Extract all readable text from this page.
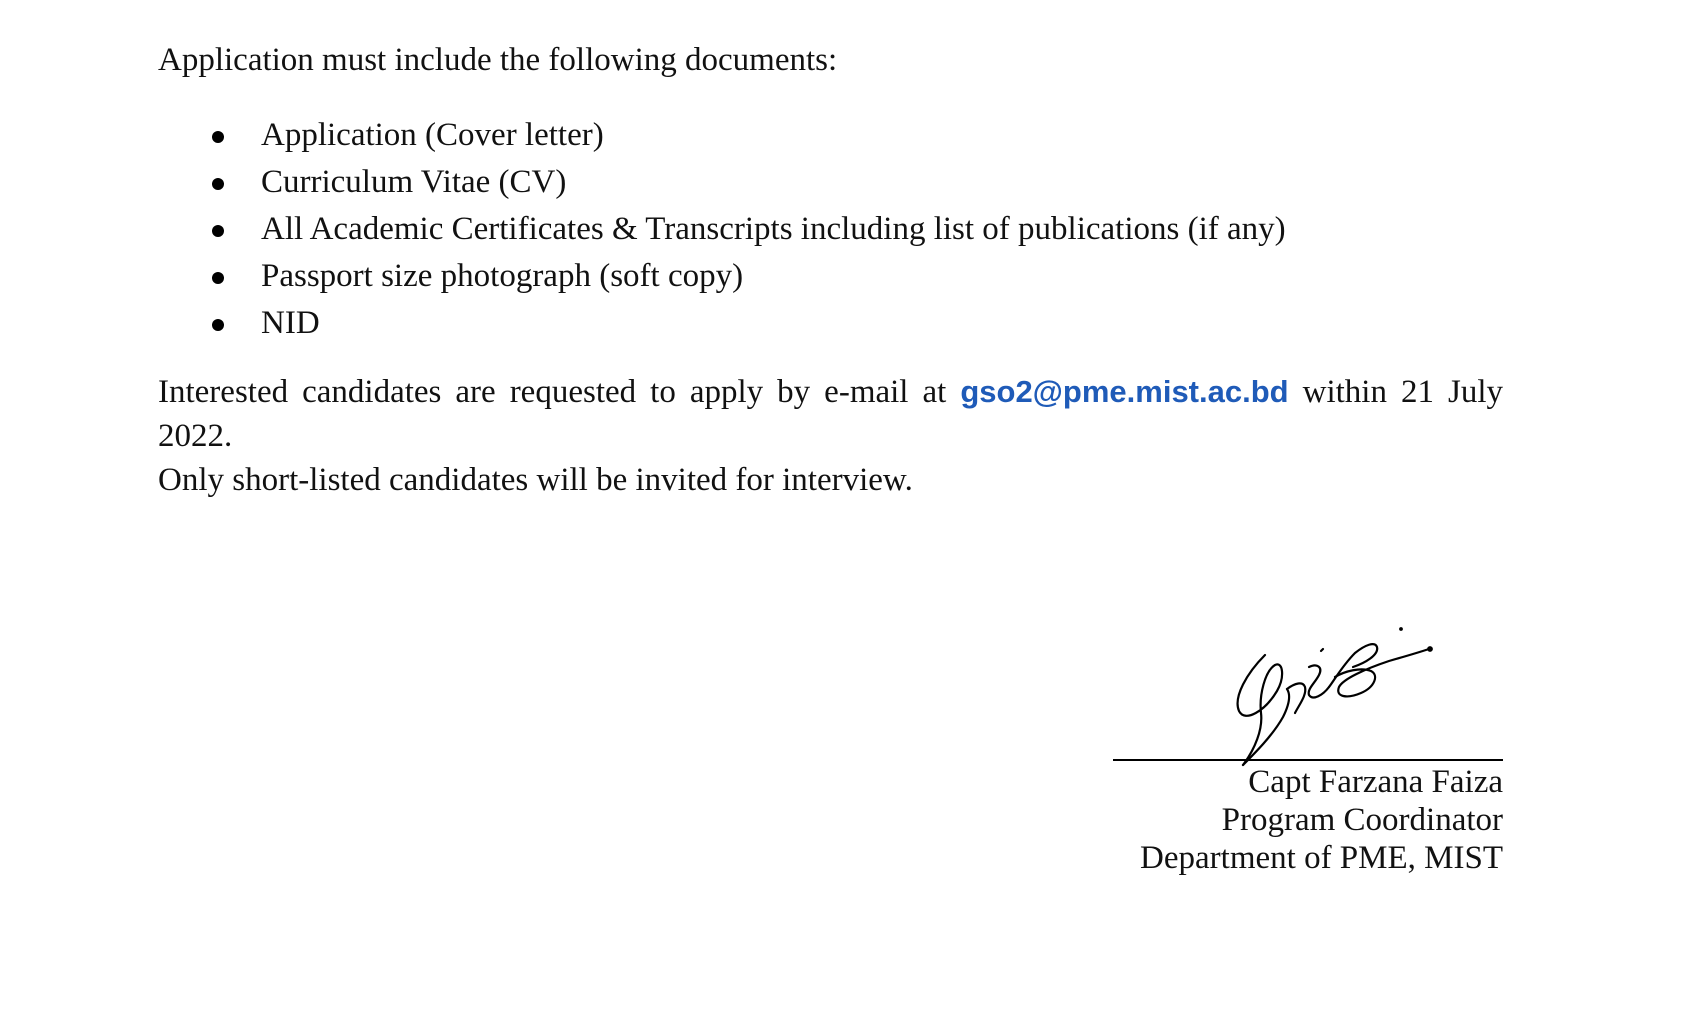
Application must include the following documents:

Application (Cover letter)
Curriculum Vitae (CV)
All Academic Certificates & Transcripts including list of publications (if any)
Passport size photograph (soft copy)
NID

Interested candidates are requested to apply by e-mail at gso2@pme.mist.ac.bd within 21 July 2022.

Only short-listed candidates will be invited for interview.

Capt Farzana Faiza
Program Coordinator
Department of PME, MIST
